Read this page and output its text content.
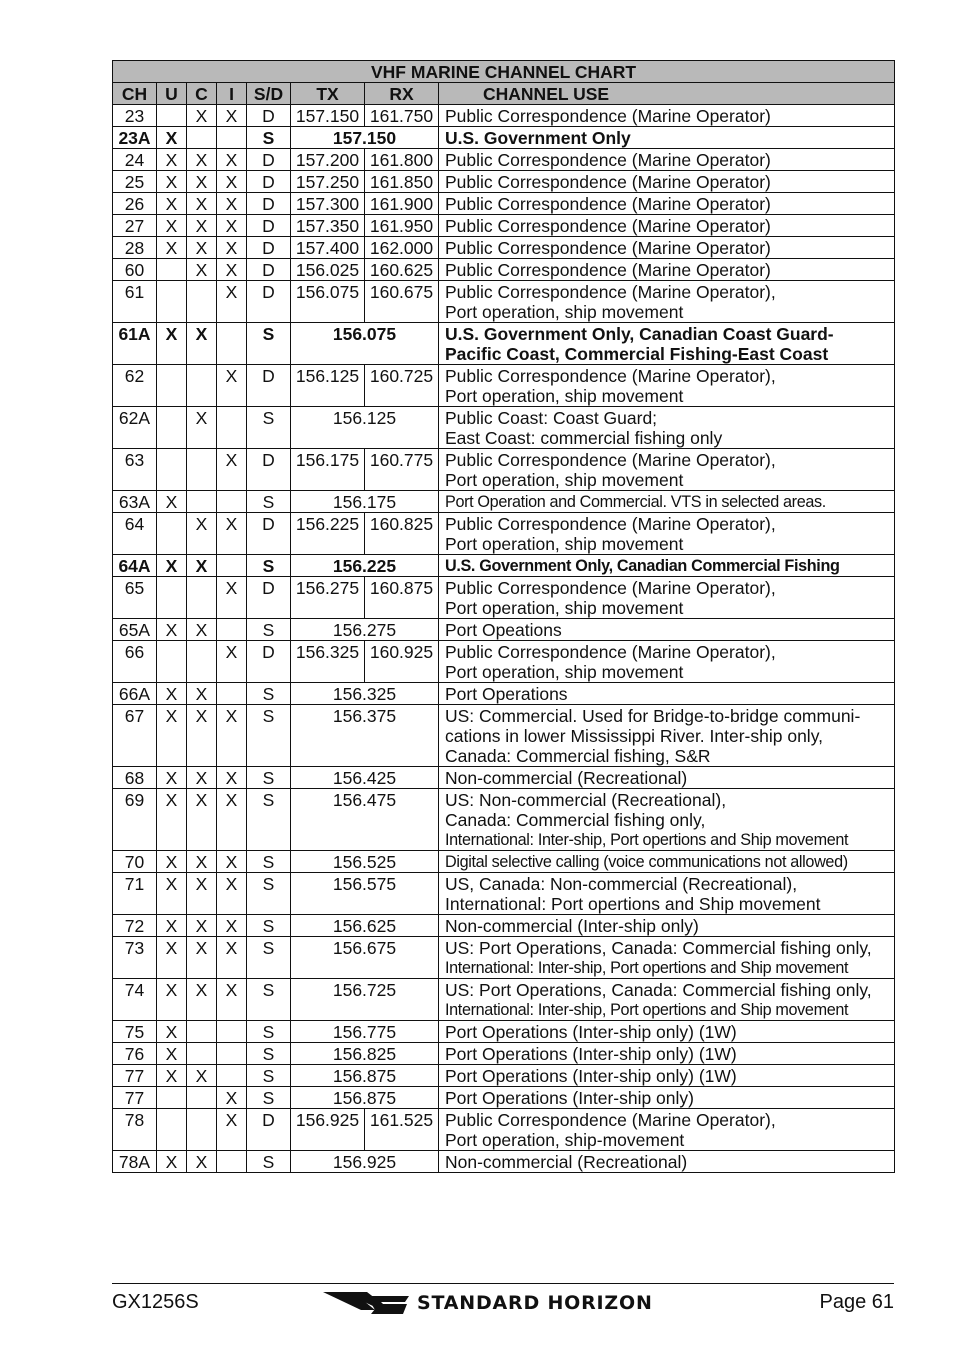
VHF MARINE CHANNEL CHART							
CH	U	C	I	S/D	TX	RX	CHANNEL USE
23		X	X	D	157.150	161.750	Public Correspondence (Marine Operator)

23A	X			S	157.150		U.S. Government Only

24	X	X	X	D	157.200	161.800	Public Correspondence (Marine Operator)

25	X	X	X	D	157.250	161.850	Public Correspondence (Marine Operator)

26	X	X	X	D	157.300	161.900	Public Correspondence (Marine Operator)

27	X	X	X	D	157.350	161.950	Public Correspondence (Marine Operator)

28	X	X	X	D	157.400	162.000	Public Correspondence (Marine Operator)

60		X	X	D	156.025	160.625	Public Correspondence (Marine Operator)

61			X	D	156.075	160.675	Public Correspondence (Marine Operator),
Port operation, ship movement

61A	X	X		S	156.075		U.S. Government Only, Canadian Coast Guard-
Pacific Coast, Commercial Fishing-East Coast

62			X	D	156.125	160.725	Public Correspondence (Marine Operator),
Port operation, ship movement

62A		X		S	156.125		Public Coast: Coast Guard;
East Coast: commercial fishing only

63			X	D	156.175	160.775	Public Correspondence (Marine Operator),
Port operation, ship movement

63A	X			S	156.175		Port Operation and Commercial. VTS in selected areas.

64		X	X	D	156.225	160.825	Public Correspondence (Marine Operator),
Port operation, ship movement

64A	X	X		S	156.225		U.S. Government Only, Canadian Commercial Fishing

65			X	D	156.275	160.875	Public Correspondence (Marine Operator),
Port operation, ship movement

65A	X	X		S	156.275		Port Opeations

66			X	D	156.325	160.925	Public Correspondence (Marine Operator),
Port operation, ship movement

66A	X	X		S	156.325		Port Operations

67	X	X	X	S	156.375		US: Commercial. Used for Bridge-to-bridge communi-
cations in lower Mississippi River. Inter-ship only,
Canada: Commercial fishing, S&R

68	X	X	X	S	156.425		Non-commercial (Recreational)

69	X	X	X	S	156.475		US: Non-commercial (Recreational),
Canada: Commercial fishing only,
International: Inter-ship, Port opertions and Ship movement

70	X	X	X	S	156.525		Digital selective calling (voice communications not allowed)

71	X	X	X	S	156.575		US, Canada: Non-commercial (Recreational),
International: Port opertions and Ship movement

72	X	X	X	S	156.625		Non-commercial (Inter-ship only)

73	X	X	X	S	156.675		US: Port Operations, Canada: Commercial fishing only,
International: Inter-ship, Port opertions and Ship movement

74	X	X	X	S	156.725		US: Port Operations, Canada: Commercial fishing only,
International: Inter-ship, Port opertions and Ship movement

75	X			S	156.775		Port Operations (Inter-ship only) (1W)

76	X			S	156.825		Port Operations (Inter-ship only) (1W)

77	X	X		S	156.875		Port Operations (Inter-ship only) (1W)

77			X	S	156.875		Port Operations (Inter-ship only)

78			X	D	156.925	161.525	Public Correspondence (Marine Operator),
Port operation, ship-movement

78A	X	X		S	156.925		Non-commercial (Recreational)
GX1256S	STANDARD HORIZON	Page 61
